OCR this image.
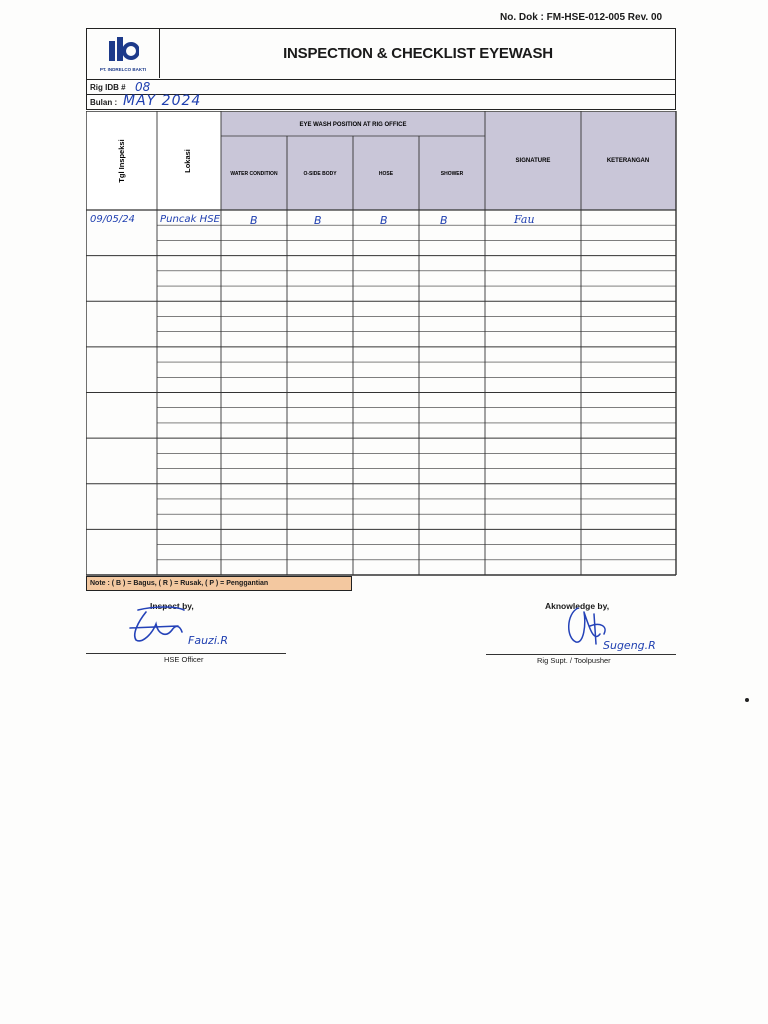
No. Dok : FM-HSE-012-005 Rev. 00
PT. INDRELCO BAKTI
INSPECTION & CHECKLIST EYEWASH
Rig IDB # 08
Bulan : MAY 2024
Tgl Inspeksi	Lokasi
EYE WASH POSITION AT RIG OFFICE
WATER CONDITION	O-SIDE BODY	HOSE	SHOWER
SIGNATURE	KETERANGAN
09/05/24	Puncak HSE	B	B	B	B	Fau
Note : ( B ) = Bagus, ( R ) = Rusak, ( P ) = Penggantian
Inspect by,
Fauzi.R
HSE Officer
Aknowledge by,
Sugeng.R
Rig Supt. / Toolpusher
